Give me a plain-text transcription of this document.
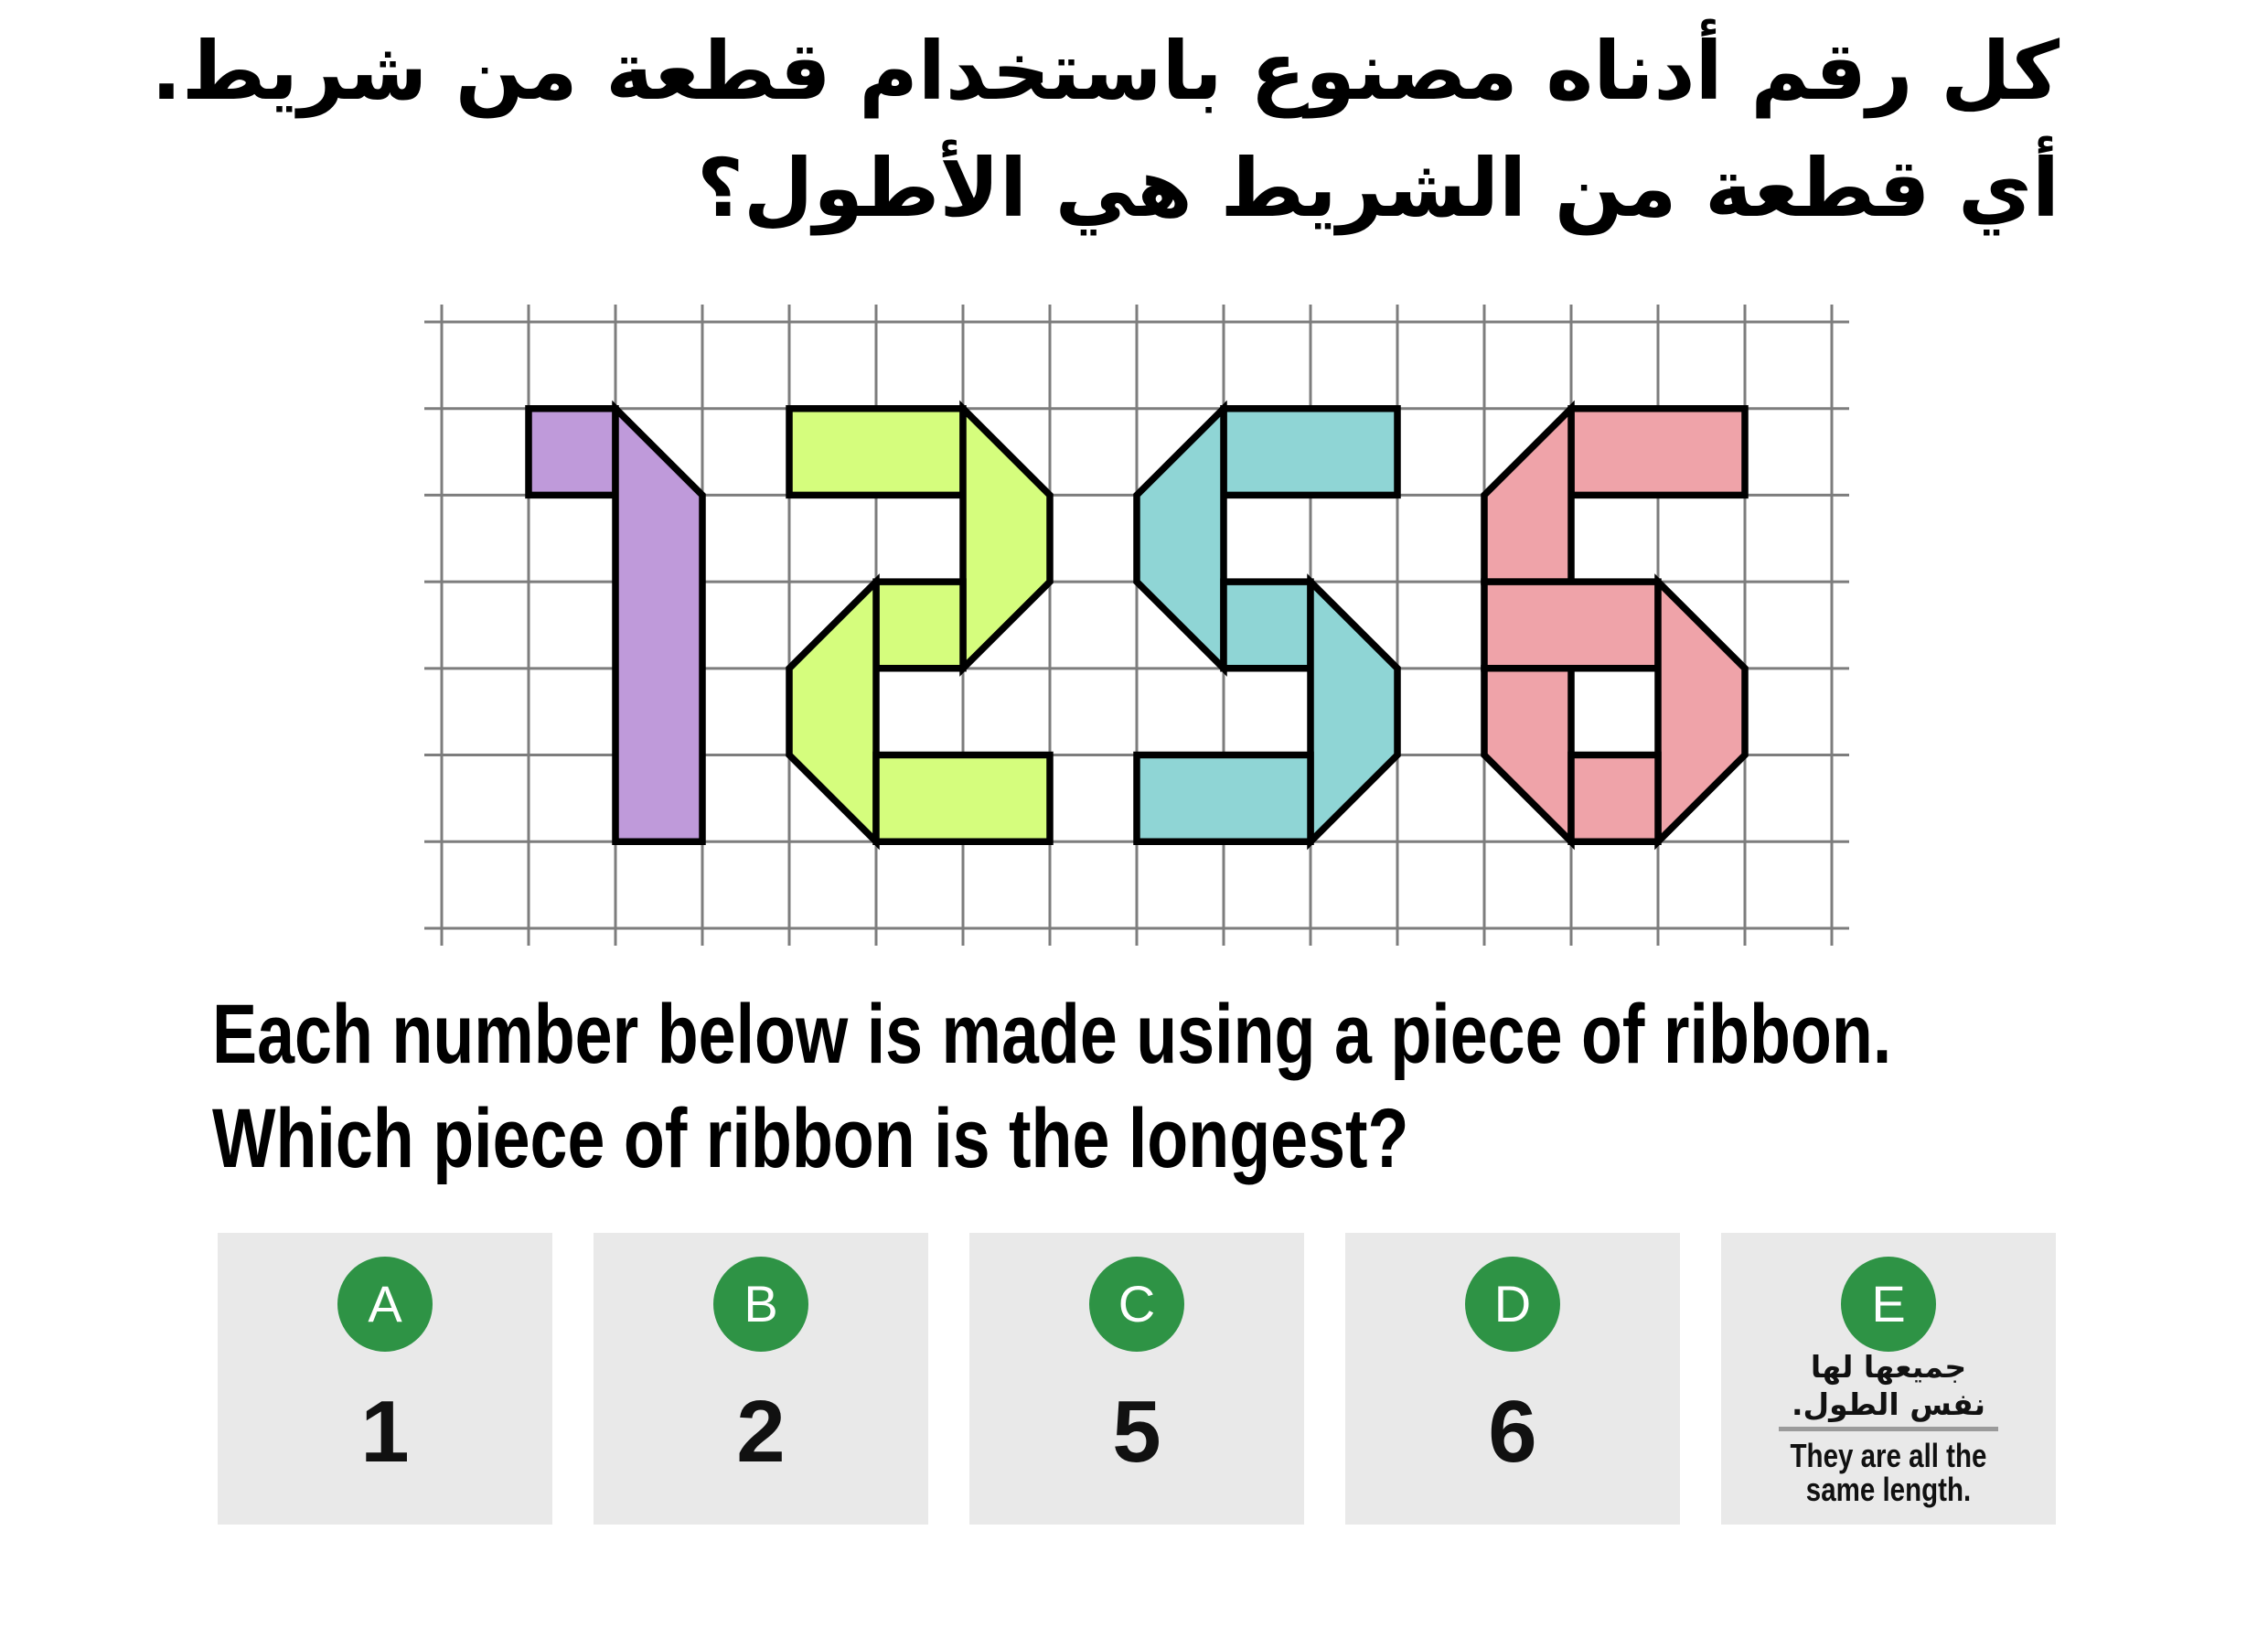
كل رقم أدناه مصنوع باستخدام قطعة من شريط.
أي قطعة من الشريط هي الأطول؟
Each number below is made using a piece of ribbon.
Which piece of ribbon is the longest?
A
1
B
2
C
5
D
6
E
جميعها لها
نفس الطول.
They are all the
same length.
